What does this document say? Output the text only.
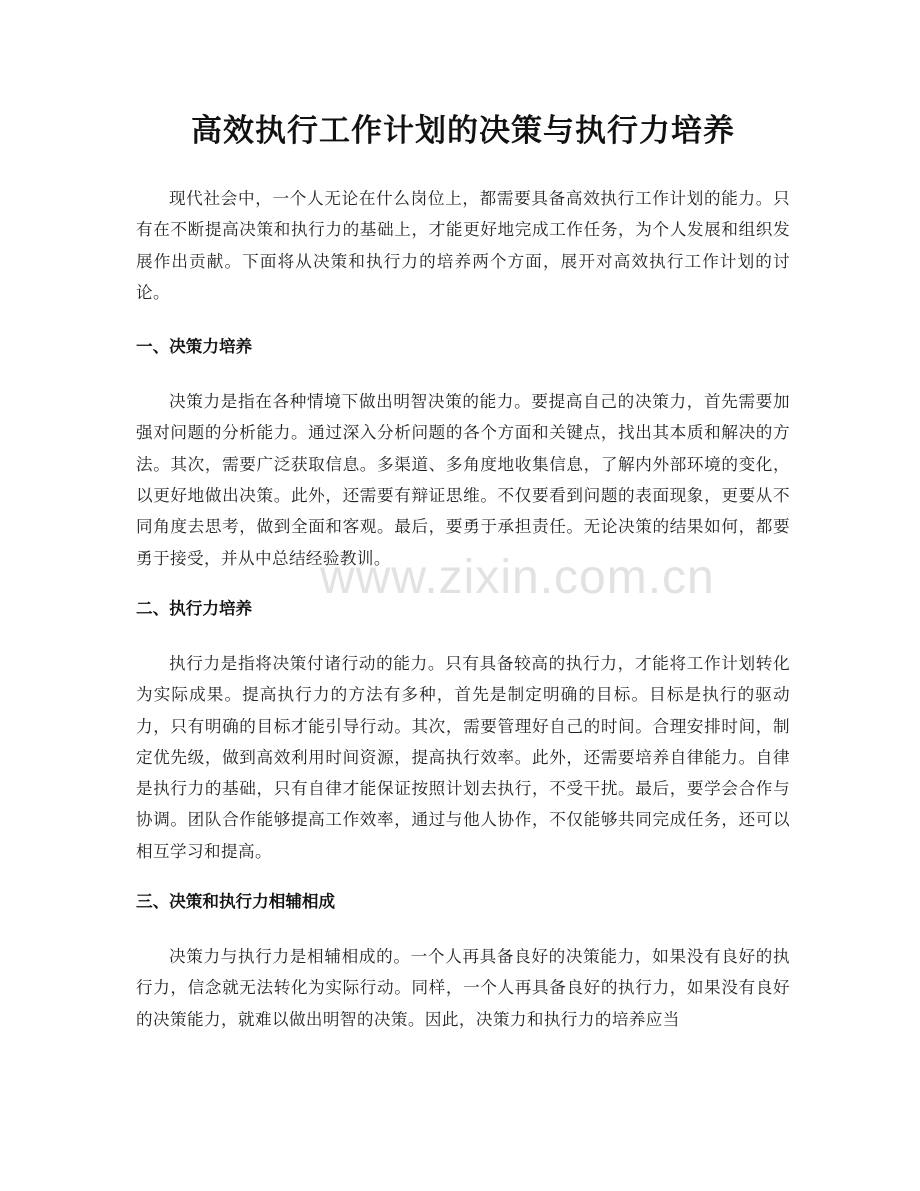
高效执行工作计划的决策与执行力培养

现代社会中，一个人无论在什么岗位上，都需要具备高效执行工作计划的能力。只有在不断提高决策和执行力的基础上，才能更好地完成工作任务，为个人发展和组织发展作出贡献。下面将从决策和执行力的培养两个方面，展开对高效执行工作计划的讨论。

一、决策力培养

决策力是指在各种情境下做出明智决策的能力。要提高自己的决策力，首先需要加强对问题的分析能力。通过深入分析问题的各个方面和关键点，找出其本质和解决的方法。其次，需要广泛获取信息。多渠道、多角度地收集信息，了解内外部环境的变化，以更好地做出决策。此外，还需要有辩证思维。不仅要看到问题的表面现象，更要从不同角度去思考，做到全面和客观。最后，要勇于承担责任。无论决策的结果如何，都要勇于接受，并从中总结经验教训。

二、执行力培养

执行力是指将决策付诸行动的能力。只有具备较高的执行力，才能将工作计划转化为实际成果。提高执行力的方法有多种，首先是制定明确的目标。目标是执行的驱动力，只有明确的目标才能引导行动。其次，需要管理好自己的时间。合理安排时间，制定优先级，做到高效利用时间资源，提高执行效率。此外，还需要培养自律能力。自律是执行力的基础，只有自律才能保证按照计划去执行，不受干扰。最后，要学会合作与协调。团队合作能够提高工作效率，通过与他人协作，不仅能够共同完成任务，还可以相互学习和提高。

三、决策和执行力相辅相成

决策力与执行力是相辅相成的。一个人再具备良好的决策能力，如果没有良好的执行力，信念就无法转化为实际行动。同样，一个人再具备良好的执行力，如果没有良好的决策能力，就难以做出明智的决策。因此，决策力和执行力的培养应当

www.zixin.com.cn
